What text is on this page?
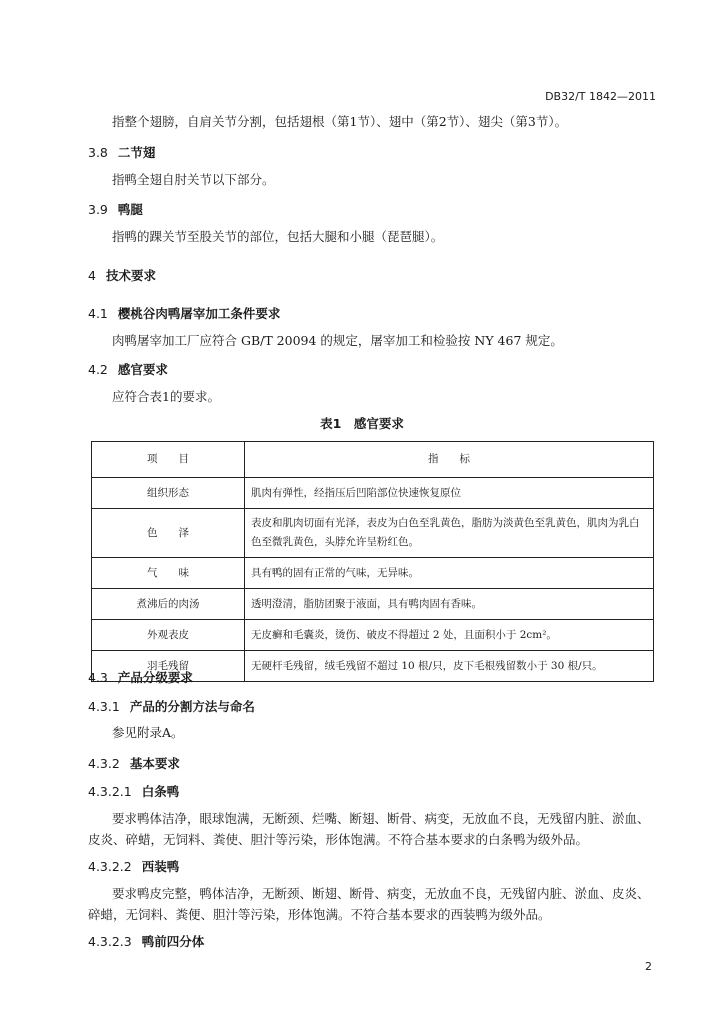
DB32/T 1842—2011
指整个翅膀，自肩关节分割，包括翅根（第1节）、翅中（第2节）、翅尖（第3节）。
3.8 二节翅
指鸭全翅自肘关节以下部分。
3.9 鸭腿
指鸭的踝关节至股关节的部位，包括大腿和小腿（琵琶腿）。
4 技术要求
4.1 樱桃谷肉鸭屠宰加工条件要求
肉鸭屠宰加工厂应符合 GB/T 20094 的规定，屠宰加工和检验按 NY 467 规定。
4.2 感官要求
应符合表1的要求。
表1　感官要求
项　　目	指　　标
组织形态	肌肉有弹性，经指压后凹陷部位快速恢复原位
色　　泽	表皮和肌肉切面有光泽，表皮为白色至乳黄色，脂肪为淡黄色至乳黄色，肌肉为乳白色至微乳黄色，头脖允许呈粉红色。
气　　味	具有鸭的固有正常的气味，无异味。
煮沸后的肉汤	透明澄清，脂肪团聚于液面，具有鸭肉固有香味。
外观表皮	无皮癣和毛囊炎，烫伤、破皮不得超过 2 处，且面积小于 2cm²。
羽毛残留	无硬杆毛残留，绒毛残留不超过 10 根/只，皮下毛根残留数小于 30 根/只。
4.3 产品分级要求
4.3.1 产品的分割方法与命名
参见附录A。
4.3.2 基本要求
4.3.2.1 白条鸭
要求鸭体洁净，眼球饱满，无断颈、烂嘴、断翅、断骨、病变，无放血不良，无残留内脏、淤血、
皮炎、碎蜡，无饲料、粪使、胆汁等污染，形体饱满。不符合基本要求的白条鸭为级外品。
4.3.2.2 西装鸭
要求鸭皮完整，鸭体洁净，无断颈、断翅、断骨、病变，无放血不良，无残留内脏、淤血、皮炎、
碎蜡，无饲料、粪便、胆汁等污染，形体饱满。不符合基本要求的西装鸭为级外品。
4.3.2.3 鸭前四分体
2
